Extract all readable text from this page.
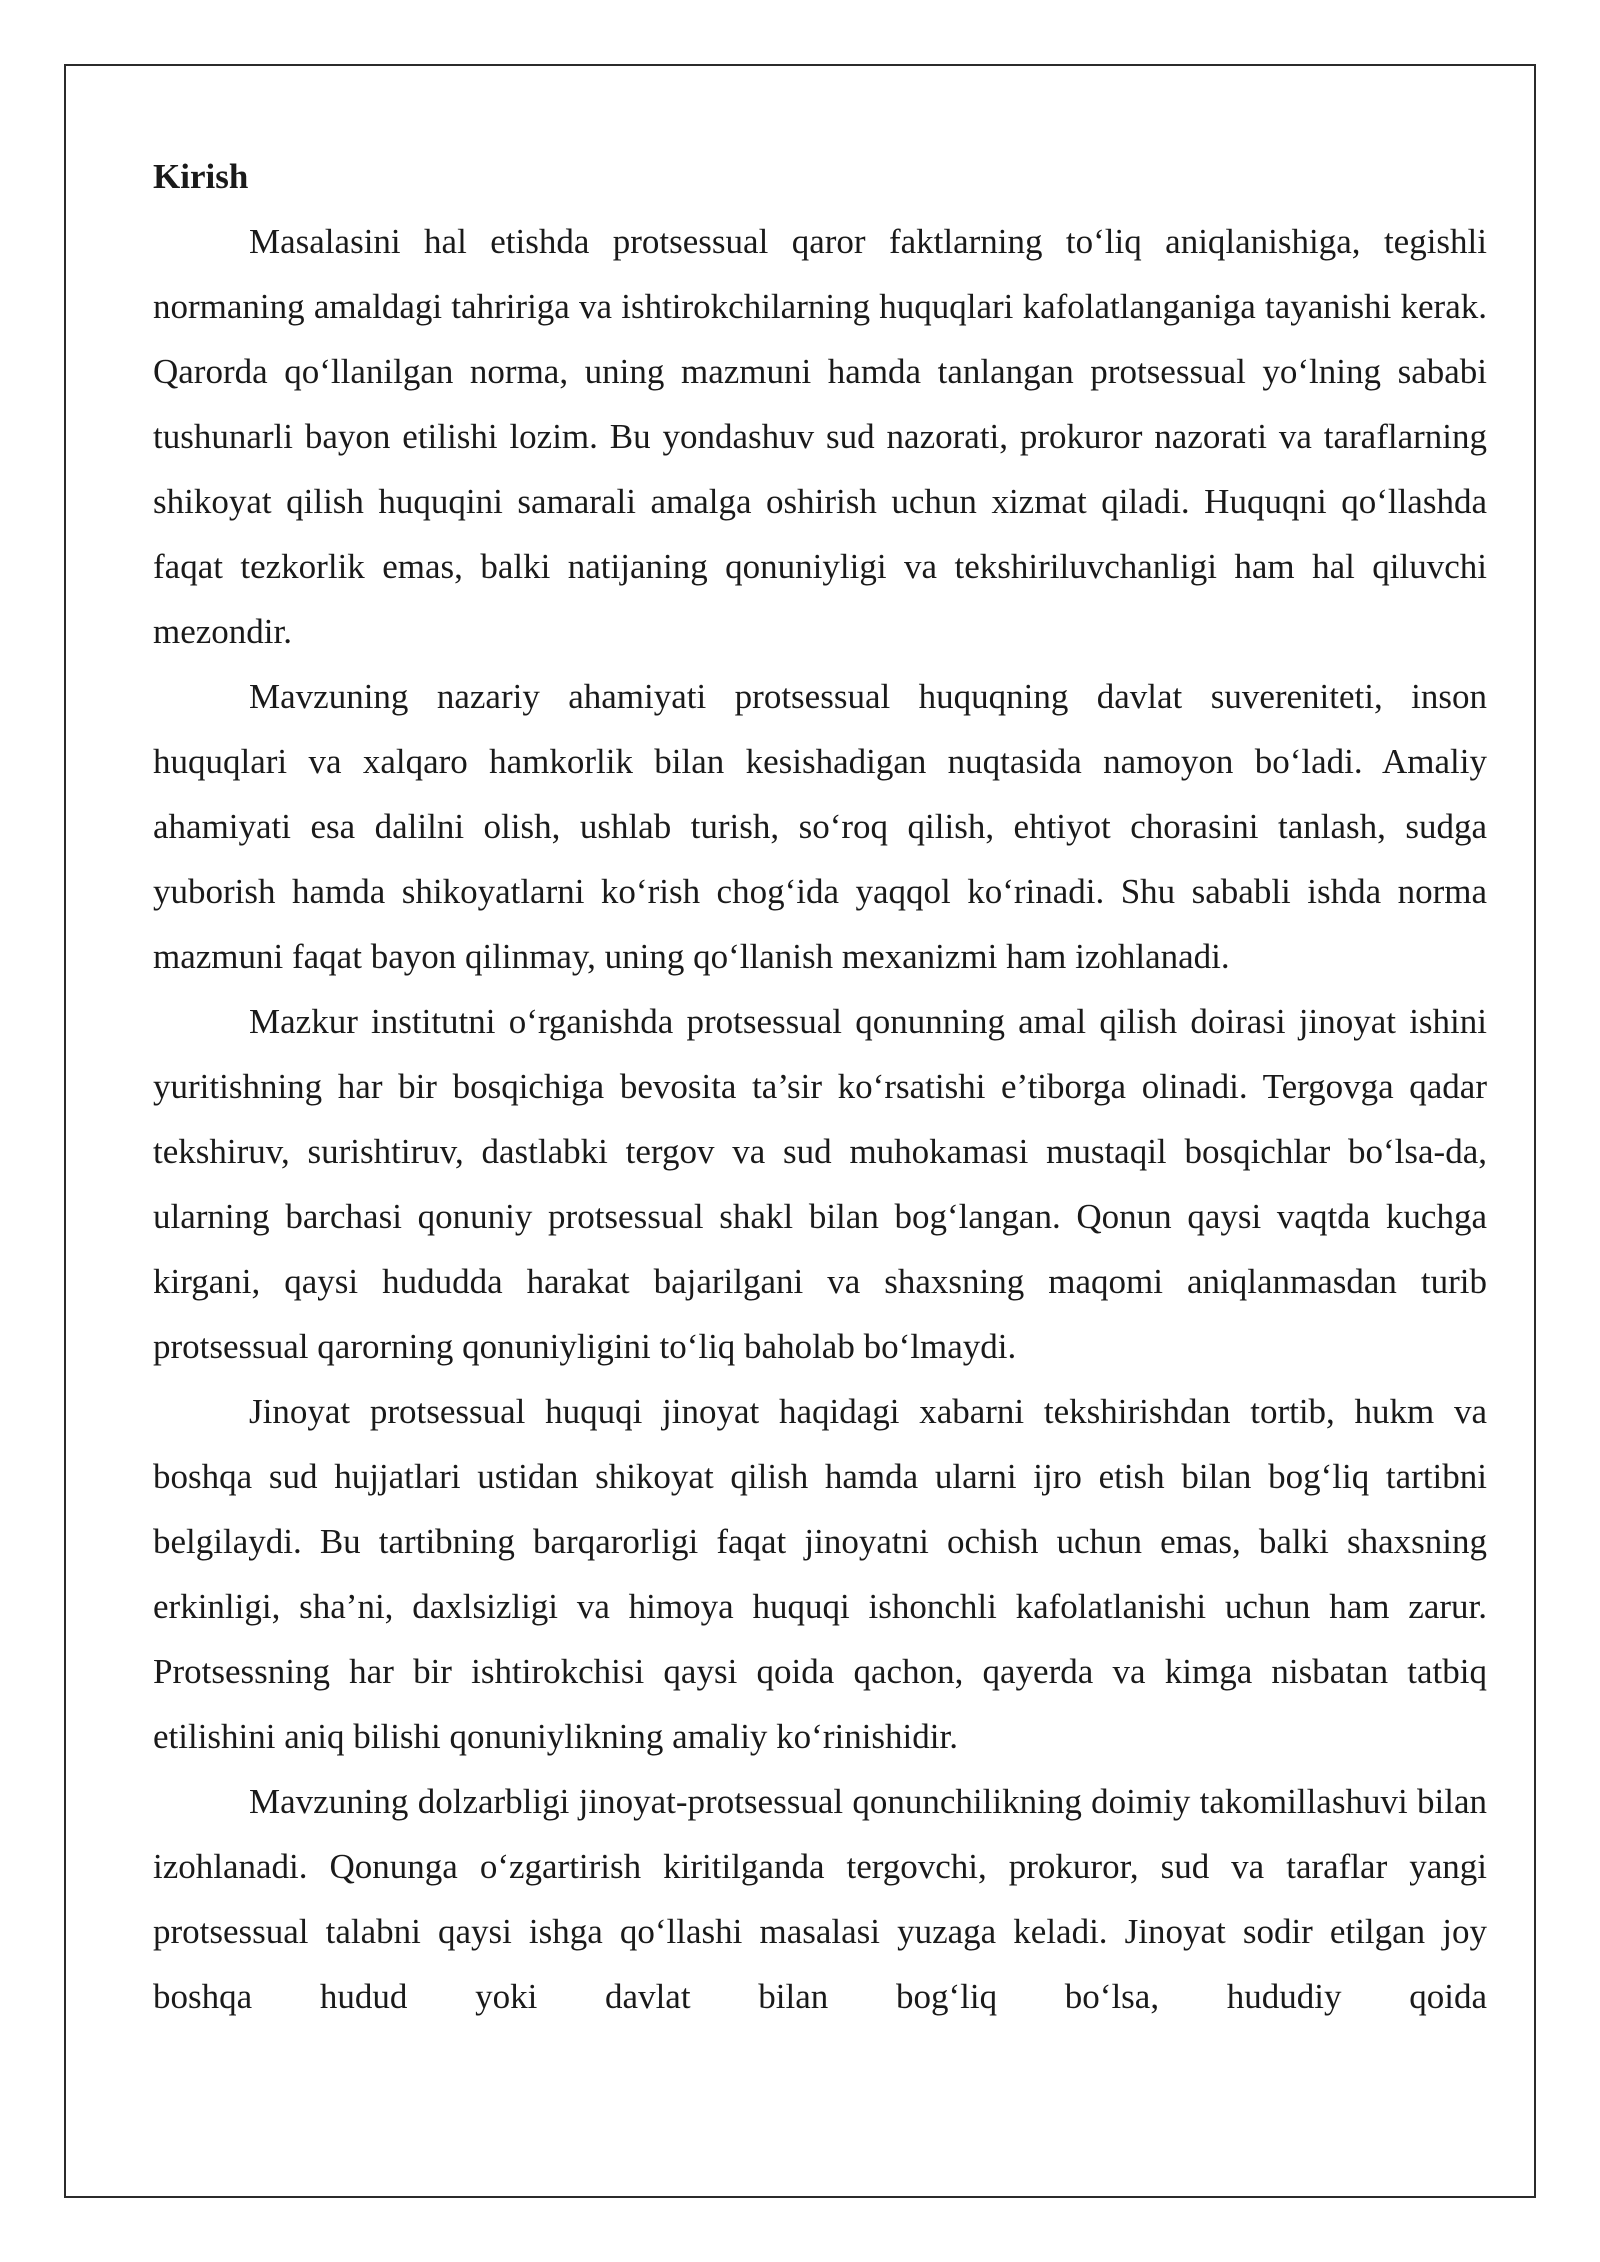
Kirish

Masalasini hal etishda protsessual qaror faktlarning to‘liq aniqlanishiga, tegishli normaning amaldagi tahririga va ishtirokchilarning huquqlari kafolatlanganiga tayanishi kerak. Qarorda qo‘llanilgan norma, uning mazmuni hamda tanlangan protsessual yo‘lning sababi tushunarli bayon etilishi lozim. Bu yondashuv sud nazorati, prokuror nazorati va taraflarning shikoyat qilish huquqini samarali amalga oshirish uchun xizmat qiladi. Huquqni qo‘llashda faqat tezkorlik emas, balki natijaning qonuniyligi va tekshiriluvchanligi ham hal qiluvchi mezondir.

Mavzuning nazariy ahamiyati protsessual huquqning davlat suvereniteti, inson huquqlari va xalqaro hamkorlik bilan kesishadigan nuqtasida namoyon bo‘ladi. Amaliy ahamiyati esa dalilni olish, ushlab turish, so‘roq qilish, ehtiyot chorasini tanlash, sudga yuborish hamda shikoyatlarni ko‘rish chog‘ida yaqqol ko‘rinadi. Shu sababli ishda norma mazmuni faqat bayon qilinmay, uning qo‘llanish mexanizmi ham izohlanadi.

Mazkur institutni o‘rganishda protsessual qonunning amal qilish doirasi jinoyat ishini yuritishning har bir bosqichiga bevosita ta’sir ko‘rsatishi e’tiborga olinadi. Tergovga qadar tekshiruv, surishtiruv, dastlabki tergov va sud muhokamasi mustaqil bosqichlar bo‘lsa-da, ularning barchasi qonuniy protsessual shakl bilan bog‘langan. Qonun qaysi vaqtda kuchga kirgani, qaysi hududda harakat bajarilgani va shaxsning maqomi aniqlanmasdan turib protsessual qarorning qonuniyligini to‘liq baholab bo‘lmaydi.

Jinoyat protsessual huquqi jinoyat haqidagi xabarni tekshirishdan tortib, hukm va boshqa sud hujjatlari ustidan shikoyat qilish hamda ularni ijro etish bilan bog‘liq tartibni belgilaydi. Bu tartibning barqarorligi faqat jinoyatni ochish uchun emas, balki shaxsning erkinligi, sha’ni, daxlsizligi va himoya huquqi ishonchli kafolatlanishi uchun ham zarur. Protsessning har bir ishtirokchisi qaysi qoida qachon, qayerda va kimga nisbatan tatbiq etilishini aniq bilishi qonuniylikning amaliy ko‘rinishidir.

Mavzuning dolzarbligi jinoyat-protsessual qonunchilikning doimiy takomillashuvi bilan izohlanadi. Qonunga o‘zgartirish kiritilganda tergovchi, prokuror, sud va taraflar yangi protsessual talabni qaysi ishga qo‘llashi masalasi yuzaga keladi. Jinoyat sodir etilgan joy boshqa hudud yoki davlat bilan bog‘liq bo‘lsa, hududiy qoida
